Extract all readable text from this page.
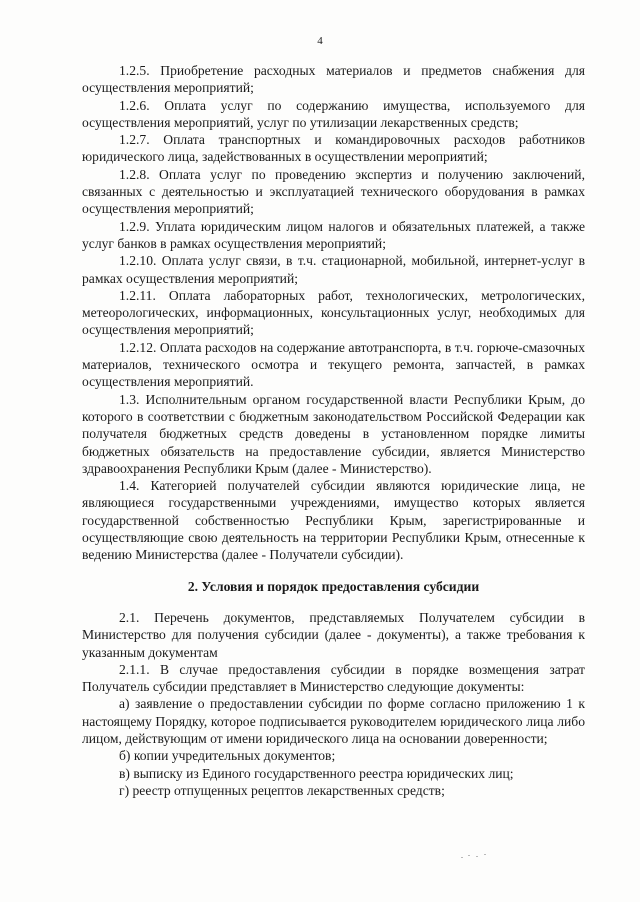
4

1.2.5. Приобретение расходных материалов и предметов снабжения для осуществления мероприятий;

1.2.6. Оплата услуг по содержанию имущества, используемого для осуществления мероприятий, услуг по утилизации лекарственных средств;

1.2.7. Оплата транспортных и командировочных расходов работников юридического лица, задействованных в осуществлении мероприятий;

1.2.8. Оплата услуг по проведению экспертиз и получению заключений, связанных с деятельностью и эксплуатацией технического оборудования в рамках осуществления мероприятий;

1.2.9. Уплата юридическим лицом налогов и обязательных платежей, а также услуг банков в рамках осуществления мероприятий;

1.2.10. Оплата услуг связи, в т.ч. стационарной, мобильной, интернет-услуг в рамках осуществления мероприятий;

1.2.11. Оплата лабораторных работ, технологических, метрологических, метеорологических, информационных, консультационных услуг, необходимых для осуществления мероприятий;

1.2.12. Оплата расходов на содержание автотранспорта, в т.ч. горюче-смазочных материалов, технического осмотра и текущего ремонта, запчастей, в рамках осуществления мероприятий.

1.3. Исполнительным органом государственной власти Республики Крым, до которого в соответствии с бюджетным законодательством Российской Федерации как получателя бюджетных средств доведены в установленном порядке лимиты бюджетных обязательств на предоставление субсидии, является Министерство здравоохранения Республики Крым (далее - Министерство).

1.4. Категорией получателей субсидии являются юридические лица, не являющиеся государственными учреждениями, имущество которых является государственной собственностью Республики Крым, зарегистрированные и осуществляющие свою деятельность на территории Республики Крым, отнесенные к ведению Министерства (далее - Получатели субсидии).

2. Условия и порядок предоставления субсидии

2.1. Перечень документов, представляемых Получателем субсидии в Министерство для получения субсидии (далее - документы), а также требования к указанным документам

2.1.1. В случае предоставления субсидии в порядке возмещения затрат Получатель субсидии представляет в Министерство следующие документы:

а) заявление о предоставлении субсидии по форме согласно приложению 1 к настоящему Порядку, которое подписывается руководителем юридического лица либо лицом, действующим от имени юридического лица на основании доверенности;

б) копии учредительных документов;

в) выписку из Единого государственного реестра юридических лиц;

г) реестр отпущенных рецептов лекарственных средств;
